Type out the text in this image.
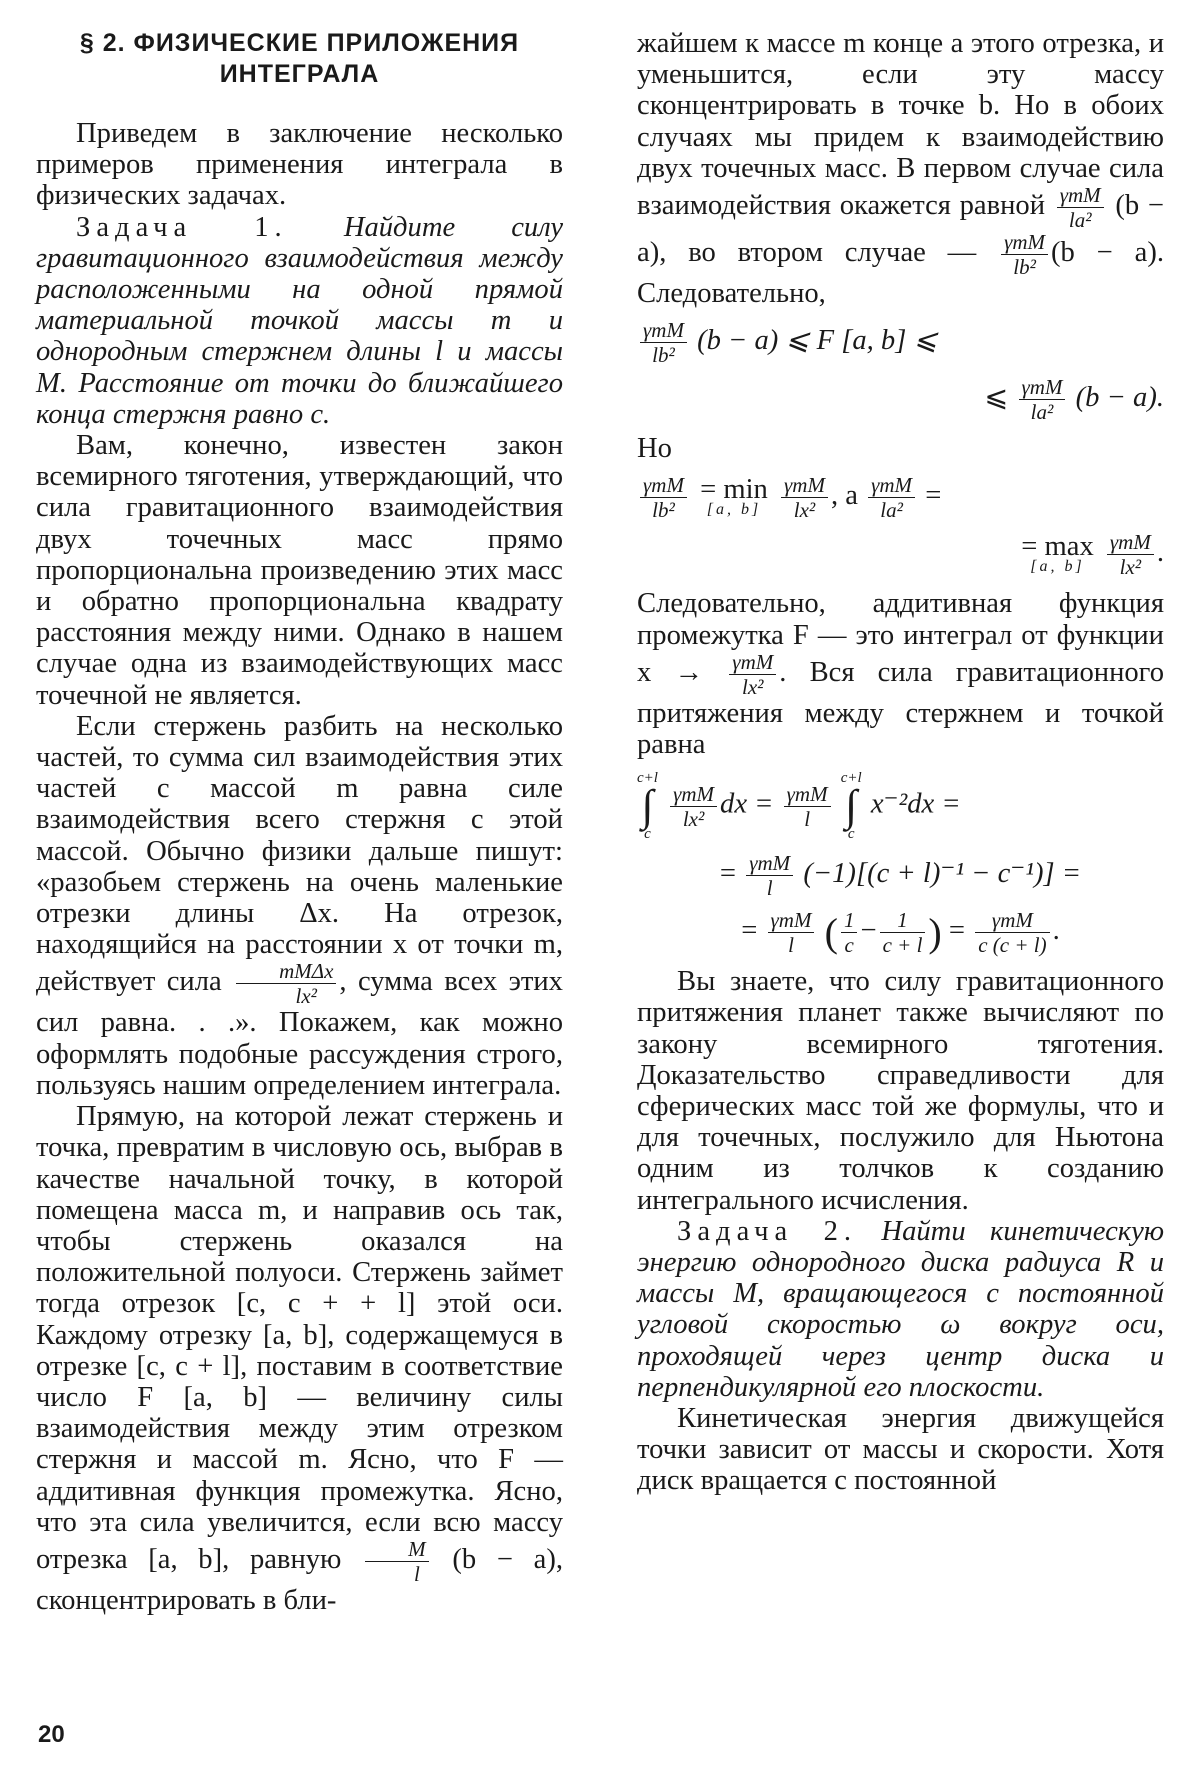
§ 2. ФИЗИЧЕСКИЕ ПРИЛОЖЕНИЯ ИНТЕГРАЛА

Приведем в заключение несколько примеров применения интеграла в физических задачах.

Задача 1. Найдите силу гравитационного взаимодействия между расположенными на одной прямой материальной точкой массы m и однородным стержнем длины l и массы M. Расстояние от точки до ближайшего конца стержня равно c.

Вам, конечно, известен закон всемирного тяготения, утверждающий, что сила гравитационного взаимодействия двух точечных масс прямо пропорциональна произведению этих масс и обратно пропорциональна квадрату расстояния между ними. Однако в нашем случае одна из взаимодействующих масс точечной не является.

Если стержень разбить на несколько частей, то сумма сил взаимодействия этих частей с массой m равна силе взаимодействия всего стержня с этой массой. Обычно физики дальше пишут: «разобьем стержень на очень маленькие отрезки длины Δx. На отрезок, находящийся на расстоянии x от точки m, действует сила $\frac{\text{mMΔx}}{\text{lx²}}$ , сумма всех этих сил равна. . .». Покажем, как можно оформлять подобные рассуждения строго, пользуясь нашим определением интеграла.

Прямую, на которой лежат стержень и точка, превратим в числовую ось, выбрав в качестве начальной точку, в которой помещена масса m, и направив ось так, чтобы стержень оказался на положительной полуоси. Стержень займет тогда отрезок [c, c + + l] этой оси. Каждому отрезку [a, b], содержащемуся в отрезке [c, c + l], поставим в соответствие число F [a, b] — величину силы взаимодействия между этим отрезком стержня и массой m. Ясно, что F — аддитивная функция промежутка. Ясно, что эта сила увеличится, если всю массу отрезка [a, b], равную $\frac{M}{l} (b - a)$, сконцентрировать в бли-

жайшем к массе m конце a этого отрезка, и уменьшится, если эту массу сконцентрировать в точке b. Но в обоих случаях мы придем к взаимодействию двух точечных масс. В первом случае сила взаимодействия окажется равной $\frac{\text{γmM}}{\text{la²}} (b - a)$, во втором случае — $\frac{\text{γmM}}{\text{lb²}} (b - a)$. Следовательно,

$\frac{\text{γmM}}{\text{lb²}} (b - a)$ ⩽ F [a, b] ⩽
⩽ $\frac{\text{γmM}}{\text{la²}} (b - a)$.

Но

$\frac{\text{γmM}}{\text{lb²}} = \min$
[a, b]
$\frac{\text{γmM}}{\text{lx²}}$ , а $\frac{\text{γmM}}{\text{la²}}$ =
= max
[a, b]
	$\frac{\text{γmM}}{\text{lx²}}$ .

Следовательно, аддитивная функция промежутка F — это интеграл от функции $x \to \frac{\text{γmM}}{\text{lx²}}$ . Вся сила гравитационного притяжения между стержнем и точкой равна

c+l
∫
c
$\frac{\text{γmM}}{\text{lx²}}$ dx = $\frac{\text{γmM}}{l}$
c+l
∫
c x⁻²dx =
= $\frac{\text{γmM}}{l} (-1)[(c + l)^{-1} - c^{-1})$] =
= $\frac{\text{γmM}}{l}$ ( $\frac{1}{c} - \frac{1}{c + l}$ ) = $\frac{\text{γmM}}{c (c + l)}$ .

Вы знаете, что силу гравитационного притяжения планет также вычисляют по закону всемирного тяготения. Доказательство справедливости для сферических масс той же формулы, что и для точечных, послужило для Ньютона одним из толчков к созданию интегрального исчисления.

Задача 2. Найти кинетическую энергию однородного диска радиуса R и массы M, вращающегося с постоянной угловой скоростью ω вокруг оси, проходящей через центр диска и перпендикулярной его плоскости.

Кинетическая энергия движущейся точки зависит от массы и скорости. Хотя диск вращается с постоянной

20
